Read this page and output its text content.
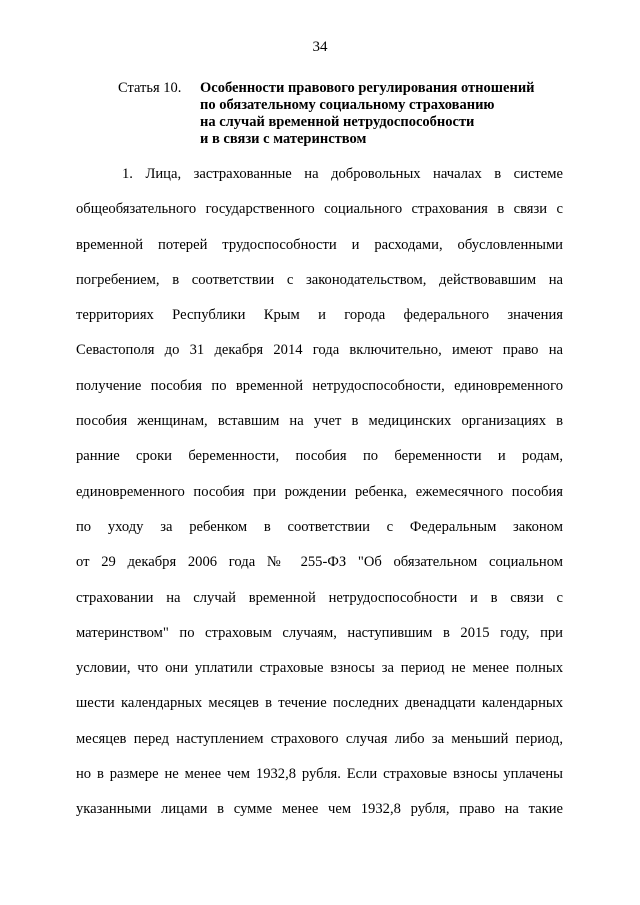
34
Статья 10. Особенности правового регулирования отношений
по обязательному социальному страхованию
на случай временной нетрудоспособности
и в связи с материнством
1. Лица, застрахованные на добровольных началах в системе
общеобязательного государственного социального страхования в связи с
временной потерей трудоспособности и расходами, обусловленными
погребением, в соответствии с законодательством, действовавшим на
территориях Республики Крым и города федерального значения
Севастополя до 31 декабря 2014 года включительно, имеют право на
получение пособия по временной нетрудоспособности, единовременного
пособия женщинам, вставшим на учет в медицинских организациях в
ранние сроки беременности, пособия по беременности и родам,
единовременного пособия при рождении ребенка, ежемесячного пособия
по уходу за ребенком в соответствии с Федеральным законом
от 29 декабря 2006 года № 255-ФЗ "Об обязательном социальном
страховании на случай временной нетрудоспособности и в связи с
материнством" по страховым случаям, наступившим в 2015 году, при
условии, что они уплатили страховые взносы за период не менее полных
шести календарных месяцев в течение последних двенадцати календарных
месяцев перед наступлением страхового случая либо за меньший период,
но в размере не менее чем 1932,8 рубля. Если страховые взносы уплачены
указанными лицами в сумме менее чем 1932,8 рубля, право на такие
